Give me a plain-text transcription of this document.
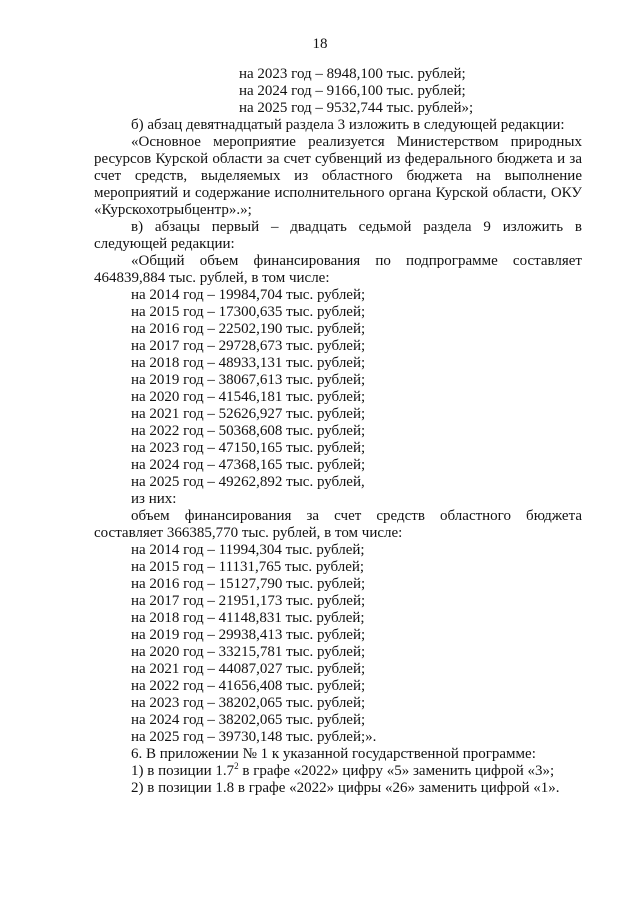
18
на 2023 год – 8948,100 тыс. рублей;
на 2024 год – 9166,100 тыс. рублей;
на 2025 год – 9532,744 тыс. рублей»;
б) абзац девятнадцатый раздела 3 изложить в следующей редакции:

«Основное мероприятие реализуется Министерством природных ресурсов Курской области за счет субвенций из федерального бюджета и за счет средств, выделяемых из областного бюджета на выполнение мероприятий и содержание исполнительного органа Курской области, ОКУ «Курскохотрыбцентр».»;

в) абзацы первый – двадцать седьмой раздела 9 изложить в следующей редакции:

«Общий объем финансирования по подпрограмме составляет 464839,884 тыс. рублей, в том числе:

на 2014 год – 19984,704 тыс. рублей;
на 2015 год – 17300,635 тыс. рублей;
на 2016 год – 22502,190 тыс. рублей;
на 2017 год – 29728,673 тыс. рублей;
на 2018 год – 48933,131 тыс. рублей;
на 2019 год – 38067,613 тыс. рублей;
на 2020 год – 41546,181 тыс. рублей;
на 2021 год – 52626,927 тыс. рублей;
на 2022 год – 50368,608 тыс. рублей;
на 2023 год – 47150,165 тыс. рублей;
на 2024 год – 47368,165 тыс. рублей;
на 2025 год – 49262,892 тыс. рублей,
из них:

объем финансирования за счет средств областного бюджета составляет 366385,770 тыс. рублей, в том числе:

на 2014 год – 11994,304 тыс. рублей;
на 2015 год – 11131,765 тыс. рублей;
на 2016 год – 15127,790 тыс. рублей;
на 2017 год – 21951,173 тыс. рублей;
на 2018 год – 41148,831 тыс. рублей;
на 2019 год – 29938,413 тыс. рублей;
на 2020 год – 33215,781 тыс. рублей;
на 2021 год – 44087,027 тыс. рублей;
на 2022 год – 41656,408 тыс. рублей;
на 2023 год – 38202,065 тыс. рублей;
на 2024 год – 38202,065 тыс. рублей;
на 2025 год – 39730,148 тыс. рублей;».
6. В приложении № 1 к указанной государственной программе:
1) в позиции $1.7^2$ в графе «2022» цифру «5» заменить цифрой «3»;
2) в позиции 1.8 в графе «2022» цифры «26» заменить цифрой «1».
